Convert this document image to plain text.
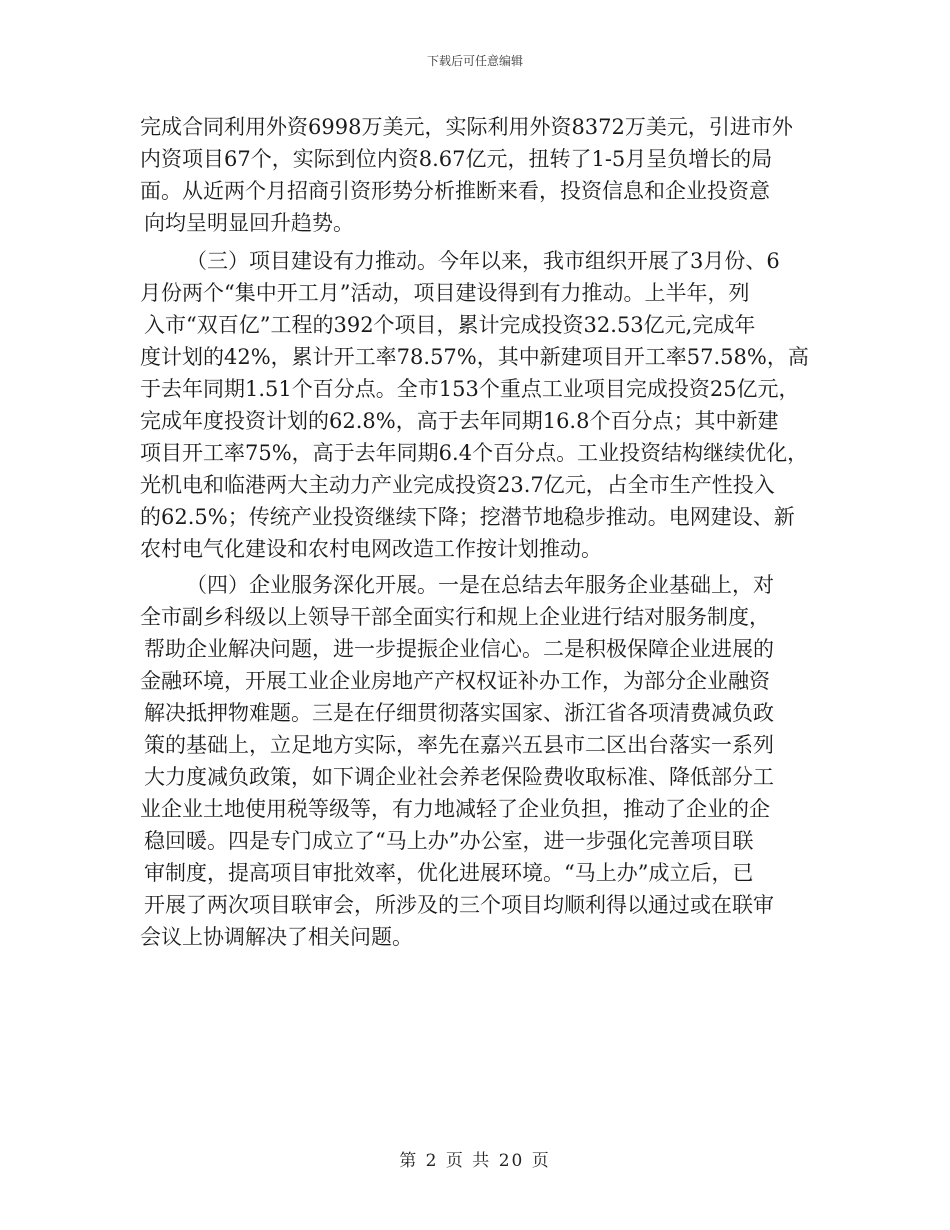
下载后可任意编辑
完成合同利用外资6998万美元，实际利用外资8372万美元，引进市外
内资项目67个，实际到位内资8.67亿元，扭转了1-5月呈负增长的局
面。从近两个月招商引资形势分析推断来看，投资信息和企业投资意
向均呈明显回升趋势。
（三）项目建设有力推动。今年以来，我市组织开展了3月份、6
月份两个“集中开工月”活动，项目建设得到有力推动。上半年，列
入市“双百亿”工程的392个项目，累计完成投资32.53亿元,完成年
度计划的42%，累计开工率78.57%，其中新建项目开工率57.58%，高
于去年同期1.51个百分点。全市153个重点工业项目完成投资25亿元，
完成年度投资计划的62.8%，高于去年同期16.8个百分点；其中新建
项目开工率75%，高于去年同期6.4个百分点。工业投资结构继续优化，
光机电和临港两大主动力产业完成投资23.7亿元，占全市生产性投入
的62.5%；传统产业投资继续下降；挖潜节地稳步推动。电网建设、新
农村电气化建设和农村电网改造工作按计划推动。
（四）企业服务深化开展。一是在总结去年服务企业基础上，对
全市副乡科级以上领导干部全面实行和规上企业进行结对服务制度，
帮助企业解决问题，进一步提振企业信心。二是积极保障企业进展的
金融环境，开展工业企业房地产产权权证补办工作，为部分企业融资
解决抵押物难题。三是在仔细贯彻落实国家、浙江省各项清费减负政
策的基础上，立足地方实际，率先在嘉兴五县市二区出台落实一系列
大力度减负政策，如下调企业社会养老保险费收取标准、降低部分工
业企业土地使用税等级等，有力地减轻了企业负担，推动了企业的企
稳回暖。四是专门成立了“马上办”办公室，进一步强化完善项目联
审制度，提高项目审批效率，优化进展环境。“马上办”成立后，已
开展了两次项目联审会，所涉及的三个项目均顺利得以通过或在联审
会议上协调解决了相关问题。
第 2 页 共 20 页
